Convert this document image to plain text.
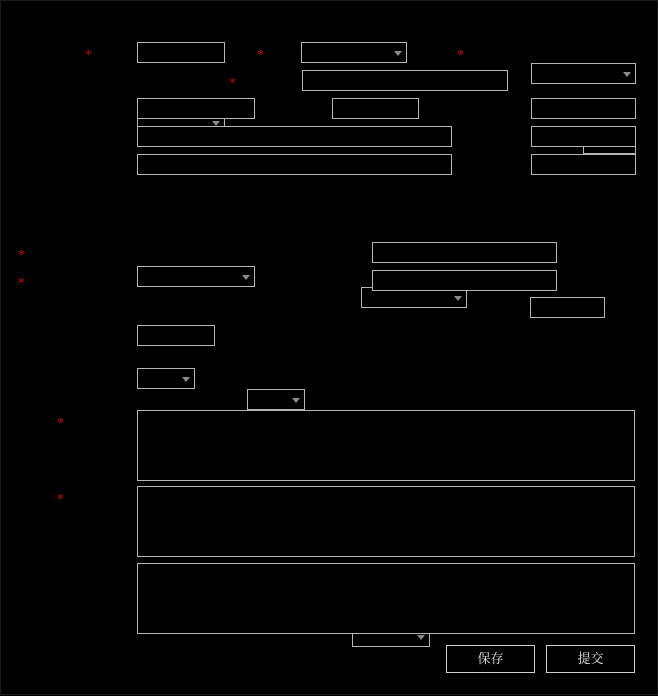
*	*	*
*
*
*
*
*
保存	提交
